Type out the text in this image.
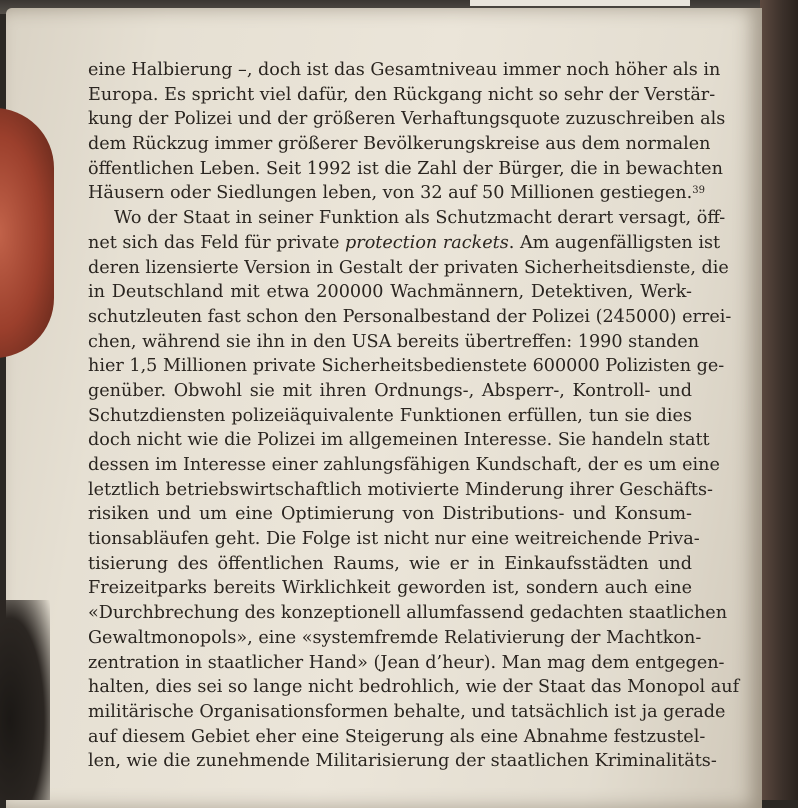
eine Halbierung –, doch ist das Gesamtniveau immer noch höher als in
Europa. Es spricht viel dafür, den Rückgang nicht so sehr der Verstär-
kung der Polizei und der größeren Verhaftungsquote zuzuschreiben als
dem Rückzug immer größerer Bevölkerungskreise aus dem normalen
öffentlichen Leben. Seit 1992 ist die Zahl der Bürger, die in bewachten
Häusern oder Siedlungen leben, von 32 auf 50 Millionen gestiegen.$^{39}$
Wo der Staat in seiner Funktion als Schutzmacht derart versagt, öff-
net sich das Feld für private protection rackets. Am augenfälligsten ist
deren lizensierte Version in Gestalt der privaten Sicherheitsdienste, die
in Deutschland mit etwa 200000 Wachmännern, Detektiven, Werk-
schutzleuten fast schon den Personalbestand der Polizei (245000) errei-
chen, während sie ihn in den USA bereits übertreffen: 1990 standen
hier 1,5 Millionen private Sicherheitsbedienstete 600000 Polizisten ge-
genüber. Obwohl sie mit ihren Ordnungs-, Absperr-, Kontroll- und
Schutzdiensten polizeiäquivalente Funktionen erfüllen, tun sie dies
doch nicht wie die Polizei im allgemeinen Interesse. Sie handeln statt
dessen im Interesse einer zahlungsfähigen Kundschaft, der es um eine
letztlich betriebswirtschaftlich motivierte Minderung ihrer Geschäfts-
risiken und um eine Optimierung von Distributions- und Konsum-
tionsabläufen geht. Die Folge ist nicht nur eine weitreichende Priva-
tisierung des öffentlichen Raums, wie er in Einkaufsstädten und
Freizeitparks bereits Wirklichkeit geworden ist, sondern auch eine
«Durchbrechung des konzeptionell allumfassend gedachten staatlichen
Gewaltmonopols», eine «systemfremde Relativierung der Machtkon-
zentration in staatlicher Hand» (Jean d’heur). Man mag dem entgegen-
halten, dies sei so lange nicht bedrohlich, wie der Staat das Monopol auf
militärische Organisationsformen behalte, und tatsächlich ist ja gerade
auf diesem Gebiet eher eine Steigerung als eine Abnahme festzustel-
len, wie die zunehmende Militarisierung der staatlichen Kriminalitäts-
